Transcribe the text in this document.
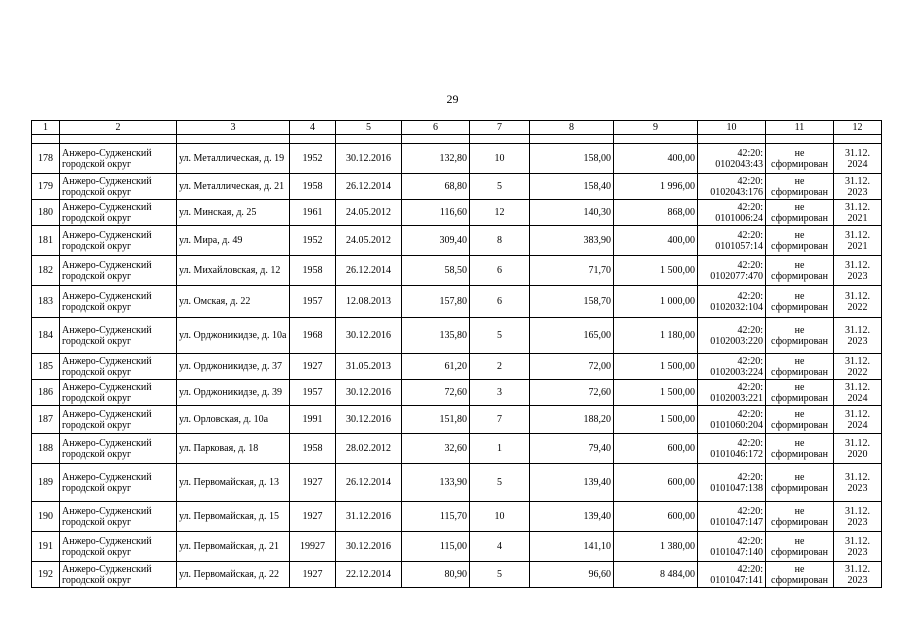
29
1	2	3	4	5	6	7	8	9	10	11	12

178	Анжеро-Судженский городской округ	ул. Металлическая, д. 19	1952	30.12.2016	132,80	10	158,00	400,00	42:20: 0102043:43	не сформирован	31.12. 2024
179	Анжеро-Судженский городской округ	ул. Металлическая, д. 21	1958	26.12.2014	68,80	5	158,40	1 996,00	42:20: 0102043:176	не сформирован	31.12. 2023
180	Анжеро-Судженский городской округ	ул. Минская, д. 25	1961	24.05.2012	116,60	12	140,30	868,00	42:20: 0101006:24	не сформирован	31.12. 2021
181	Анжеро-Судженский городской округ	ул. Мира, д. 49	1952	24.05.2012	309,40	8	383,90	400,00	42:20: 0101057:14	не сформирован	31.12. 2021
182	Анжеро-Судженский городской округ	ул. Михайловская, д. 12	1958	26.12.2014	58,50	6	71,70	1 500,00	42:20: 0102077:470	не сформирован	31.12. 2023
183	Анжеро-Судженский городской округ	ул. Омская, д. 22	1957	12.08.2013	157,80	6	158,70	1 000,00	42:20: 0102032:104	не сформирован	31.12. 2022
184	Анжеро-Судженский городской округ	ул. Орджоникидзе, д. 10а	1968	30.12.2016	135,80	5	165,00	1 180,00	42:20: 0102003:220	не сформирован	31.12. 2023
185	Анжеро-Судженский городской округ	ул. Орджоникидзе, д. 37	1927	31.05.2013	61,20	2	72,00	1 500,00	42:20: 0102003:224	не сформирован	31.12. 2022
186	Анжеро-Судженский городской округ	ул. Орджоникидзе, д. 39	1957	30.12.2016	72,60	3	72,60	1 500,00	42:20: 0102003:221	не сформирован	31.12. 2024
187	Анжеро-Судженский городской округ	ул. Орловская, д. 10а	1991	30.12.2016	151,80	7	188,20	1 500,00	42:20: 0101060:204	не сформирован	31.12. 2024
188	Анжеро-Судженский городской округ	ул. Парковая, д. 18	1958	28.02.2012	32,60	1	79,40	600,00	42:20: 0101046:172	не сформирован	31.12. 2020
189	Анжеро-Судженский городской округ	ул. Первомайская, д. 13	1927	26.12.2014	133,90	5	139,40	600,00	42:20: 0101047:138	не сформирован	31.12. 2023
190	Анжеро-Судженский городской округ	ул. Первомайская, д. 15	1927	31.12.2016	115,70	10	139,40	600,00	42:20: 0101047:147	не сформирован	31.12. 2023
191	Анжеро-Судженский городской округ	ул. Первомайская, д. 21	19927	30.12.2016	115,00	4	141,10	1 380,00	42:20: 0101047:140	не сформирован	31.12. 2023
192	Анжеро-Судженский городской округ	ул. Первомайская, д. 22	1927	22.12.2014	80,90	5	96,60	8 484,00	42:20: 0101047:141	не сформирован	31.12. 2023
